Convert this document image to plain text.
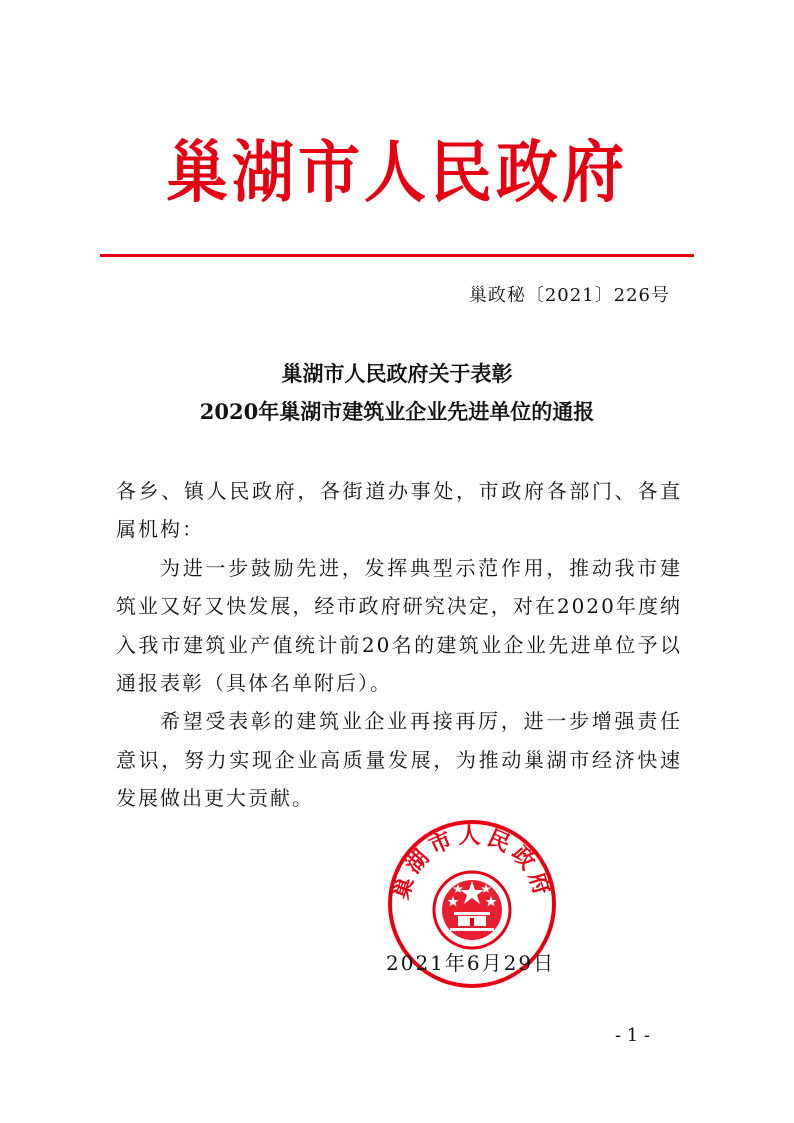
巢湖市人民政府
巢政秘〔2021〕226号
巢湖市人民政府关于表彰
2020年巢湖市建筑业企业先进单位的通报

各乡、镇人民政府，各街道办事处，市政府各部门、各直属机构：

为进一步鼓励先进，发挥典型示范作用，推动我市建筑业又好又快发展，经市政府研究决定，对在2020年度纳入我市建筑业产值统计前20名的建筑业企业先进单位予以通报表彰（具体名单附后）。

希望受表彰的建筑业企业再接再厉，进一步增强责任意识，努力实现企业高质量发展，为推动巢湖市经济快速发展做出更大贡献。

巢湖市人民政府
2021年6月29日
- 1 -
